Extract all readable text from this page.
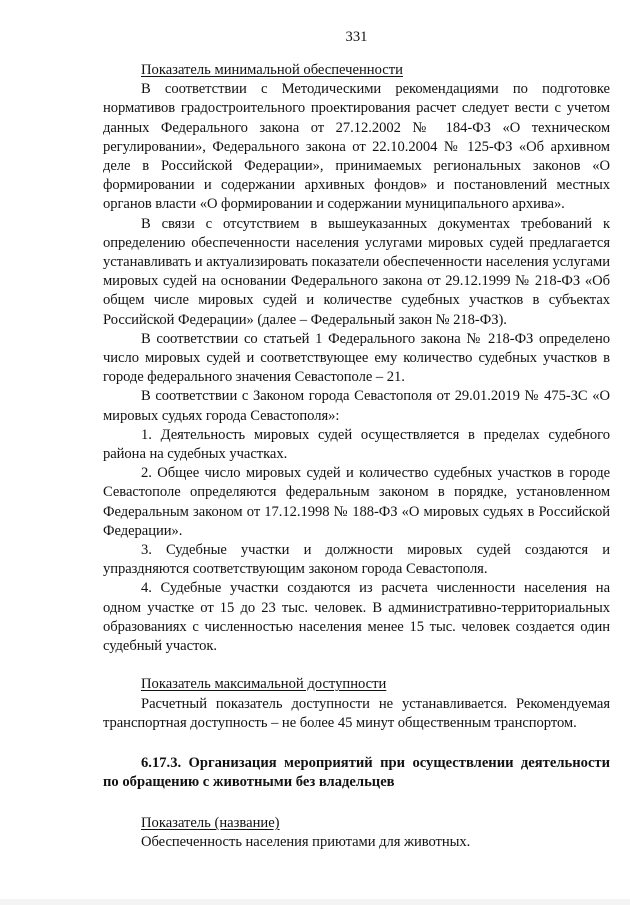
331

Показатель минимальной обеспеченности

В соответствии с Методическими рекомендациями по подготовке нормативов градостроительного проектирования расчет следует вести с учетом данных Федерального закона от 27.12.2002 № 184-ФЗ «О техническом регулировании», Федерального закона от 22.10.2004 № 125-ФЗ «Об архивном деле в Российской Федерации», принимаемых региональных законов «О формировании и содержании архивных фондов» и постановлений местных органов власти «О формировании и содержании муниципального архива».

В связи с отсутствием в вышеуказанных документах требований к определению обеспеченности населения услугами мировых судей предлагается устанавливать и актуализировать показатели обеспеченности населения услугами мировых судей на основании Федерального закона от 29.12.1999 № 218-ФЗ «Об общем числе мировых судей и количестве судебных участков в субъектах Российской Федерации» (далее – Федеральный закон № 218-ФЗ).

В соответствии со статьей 1 Федерального закона № 218-ФЗ определено число мировых судей и соответствующее ему количество судебных участков в городе федерального значения Севастополе – 21.

В соответствии с Законом города Севастополя от 29.01.2019 № 475-ЗС «О мировых судьях города Севастополя»:

1. Деятельность мировых судей осуществляется в пределах судебного района на судебных участках.

2. Общее число мировых судей и количество судебных участков в городе Севастополе определяются федеральным законом в порядке, установленном Федеральным законом от 17.12.1998 № 188-ФЗ «О мировых судьях в Российской Федерации».

3. Судебные участки и должности мировых судей создаются и упраздняются соответствующим законом города Севастополя.

4. Судебные участки создаются из расчета численности населения на одном участке от 15 до 23 тыс. человек. В административно-территориальных образованиях с численностью населения менее 15 тыс. человек создается один судебный участок.

Показатель максимальной доступности

Расчетный показатель доступности не устанавливается. Рекомендуемая транспортная доступность – не более 45 минут общественным транспортом.

6.17.3. Организация мероприятий при осуществлении деятельности по обращению с животными без владельцев

Показатель (название)

Обеспеченность населения приютами для животных.
